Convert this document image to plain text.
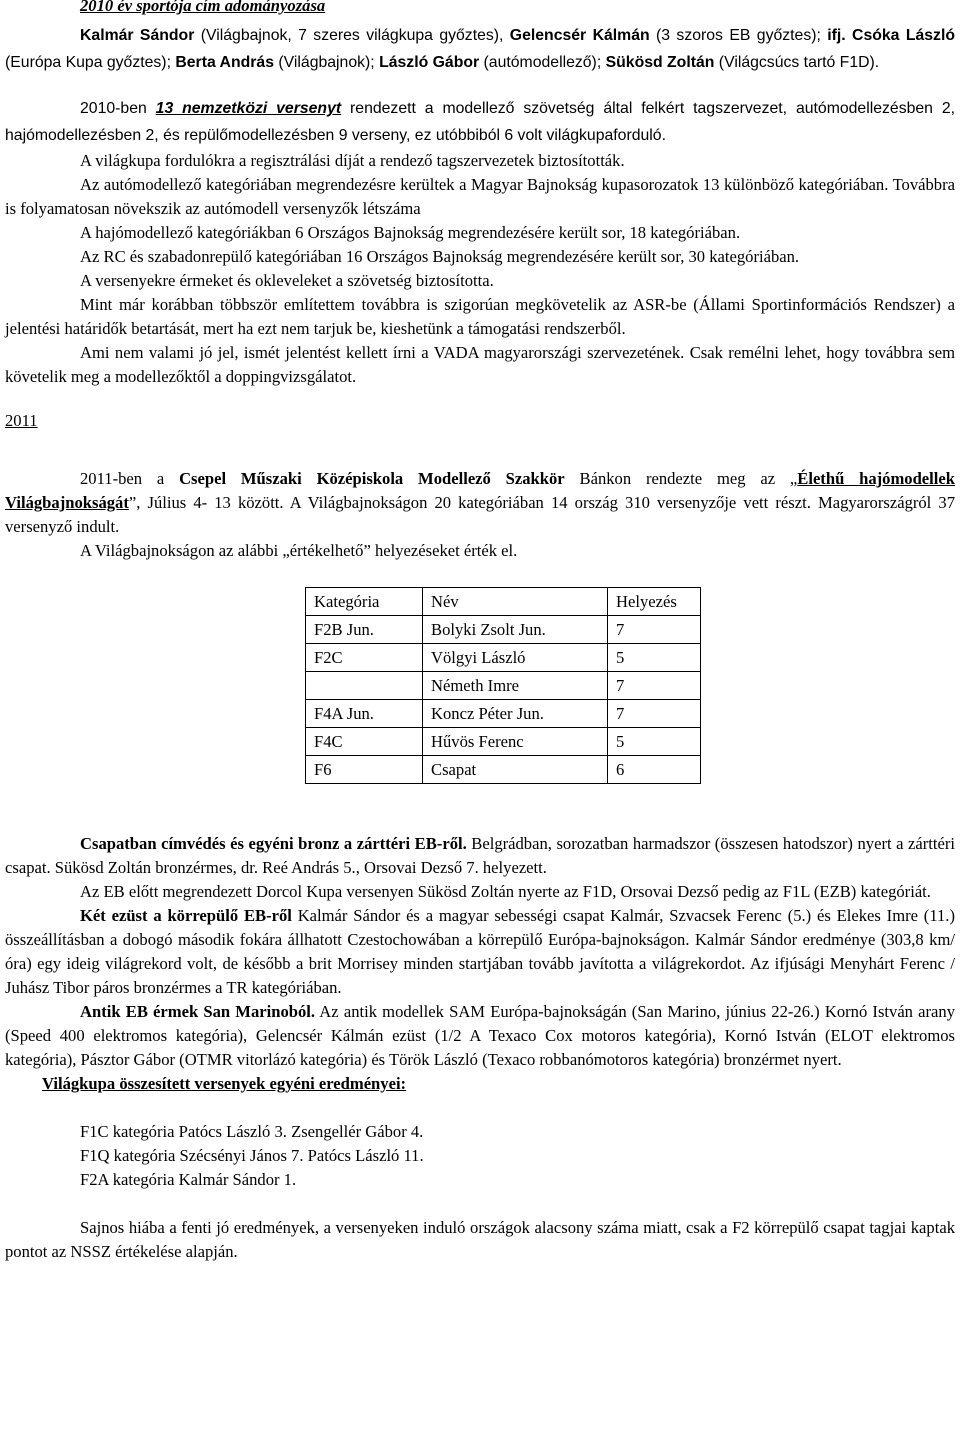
2010 év sportója cím adományozása

Kalmár Sándor (Világbajnok, 7 szeres világkupa győztes), Gelencsér Kálmán (3 szoros EB győztes); ifj. Csóka László (Európa Kupa győztes); Berta András (Világbajnok); László Gábor (autómodellező); Sükösd Zoltán (Világcsúcs tartó F1D).

2010-ben 13 nemzetközi versenyt rendezett a modellező szövetség által felkért tagszervezet, autómodellezésben 2, hajómodellezésben 2, és repülőmodellezésben 9 verseny, ez utóbbiból 6 volt világkupaforduló.

A világkupa fordulókra a regisztrálási díját a rendező tagszervezetek biztosították.

Az autómodellező kategóriában megrendezésre kerültek a Magyar Bajnokság kupasorozatok 13 különböző kategóriában. Továbbra is folyamatosan növekszik az autómodell versenyzők létszáma

A hajómodellező kategóriákban 6 Országos Bajnokság megrendezésére került sor, 18 kategóriában.

Az RC és szabadonrepülő kategóriában 16 Országos Bajnokság megrendezésére került sor, 30 kategóriában.

A versenyekre érmeket és okleveleket a szövetség biztosította.

Mint már korábban többször említettem továbbra is szigorúan megkövetelik az ASR-be (Állami Sportinformációs Rendszer) a jelentési határidők betartását, mert ha ezt nem tarjuk be, kieshetünk a támogatási rendszerből.

Ami nem valami jó jel, ismét jelentést kellett írni a VADA magyarországi szervezetének. Csak remélni lehet, hogy továbbra sem követelik meg a modellezőktől a doppingvizsgálatot.

2011

2011-ben a Csepel Műszaki Középiskola Modellező Szakkör Bánkon rendezte meg az „Élethű hajómodellek Világbajnokságát”, Július 4- 13 között. A Világbajnokságon 20 kategóriában 14 ország 310 versenyzője vett részt. Magyarországról 37 versenyző indult.

A Világbajnokságon az alábbi „értékelhető” helyezéseket érték el.

Kategória	Név	Helyezés
F2B Jun.	Bolyki Zsolt Jun.	7
F2C	Völgyi László	5
	Németh Imre	7
F4A Jun.	Koncz Péter Jun.	7
F4C	Hűvös Ferenc	5
F6	Csapat	6

Csapatban címvédés és egyéni bronz a zárttéri EB-ről. Belgrádban, sorozatban harmadszor (összesen hatodszor) nyert a zárttéri csapat. Sükösd Zoltán bronzérmes, dr. Reé András 5., Orsovai Dezső 7. helyezett.

Az EB előtt megrendezett Dorcol Kupa versenyen Sükösd Zoltán nyerte az F1D, Orsovai Dezső pedig az F1L (EZB) kategóriát.

Két ezüst a körrepülő EB-ről Kalmár Sándor és a magyar sebességi csapat Kalmár, Szvacsek Ferenc (5.) és Elekes Imre (11.) összeállításban a dobogó második fokára állhatott Czestochowában a körrepülő Európa-bajnokságon. Kalmár Sándor eredménye (303,8 km/óra) egy ideig világrekord volt, de később a brit Morrisey minden startjában tovább javította a világrekordot. Az ifjúsági Menyhárt Ferenc / Juhász Tibor páros bronzérmes a TR kategóriában.

Antik EB érmek San Marinoból. Az antik modellek SAM Európa-bajnokságán (San Marino, június 22-26.) Kornó István arany (Speed 400 elektromos kategória), Gelencsér Kálmán ezüst (1/2 A Texaco Cox motoros kategória), Kornó István (ELOT elektromos kategória), Pásztor Gábor (OTMR vitorlázó kategória) és Török László (Texaco robbanómotoros kategória) bronzérmet nyert.

Világkupa összesített versenyek egyéni eredményei:

F1C kategória Patócs László 3. Zsengellér Gábor 4.

F1Q kategória Szécsényi János 7. Patócs László 11.

F2A kategória Kalmár Sándor 1.

Sajnos hiába a fenti jó eredmények, a versenyeken induló országok alacsony száma miatt, csak a F2 körrepülő csapat tagjai kaptak pontot az NSSZ értékelése alapján.
